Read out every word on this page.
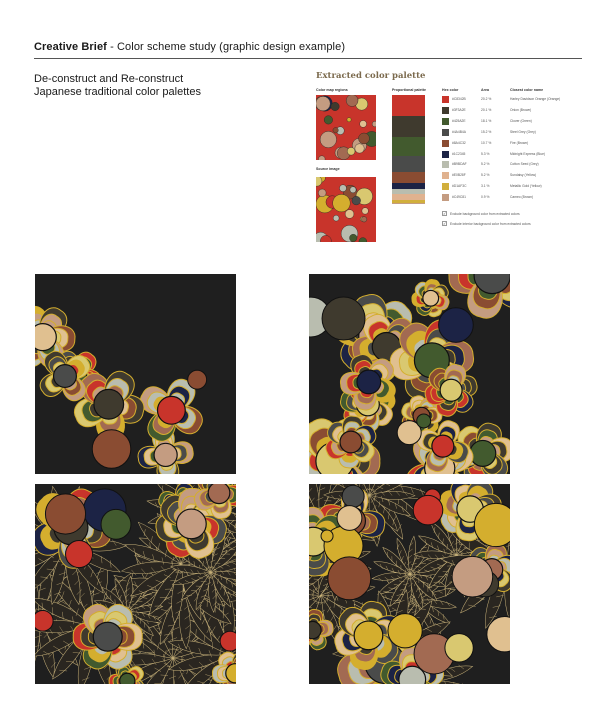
Creative Brief - Color scheme study (graphic design example)
De-construct and Re-construct
Japanese traditional color palettes
Extracted color palette
Color map regions	Proportional palette	Hex color	Area	Closest color name
Source image
#C8342B	20.2 %	Harley Davidson Orange (Orange)
#3F3A2E	20.1 %	Onion (Brown)
#425A2E	18.1 %	Clover (Green)
#4A4B4A	15.2 %	Steel Grey (Grey)
#8A4C32	10.7 %	Fire (Brown)
#1C2345	5.3 %	Midnight Express (Blue)
#B9BDAF	5.2 %	Cotton Seed (Grey)
#E0B28F	5.2 %	Sundaisy (Yellow)
#D1AF3C	3.1 %	Metallic Gold (Yellow)
#C49C81	0.9 %	Cameo (Brown)
✓ Exclude background color from extracted colors
✓ Exclude interior background color from extracted colors
